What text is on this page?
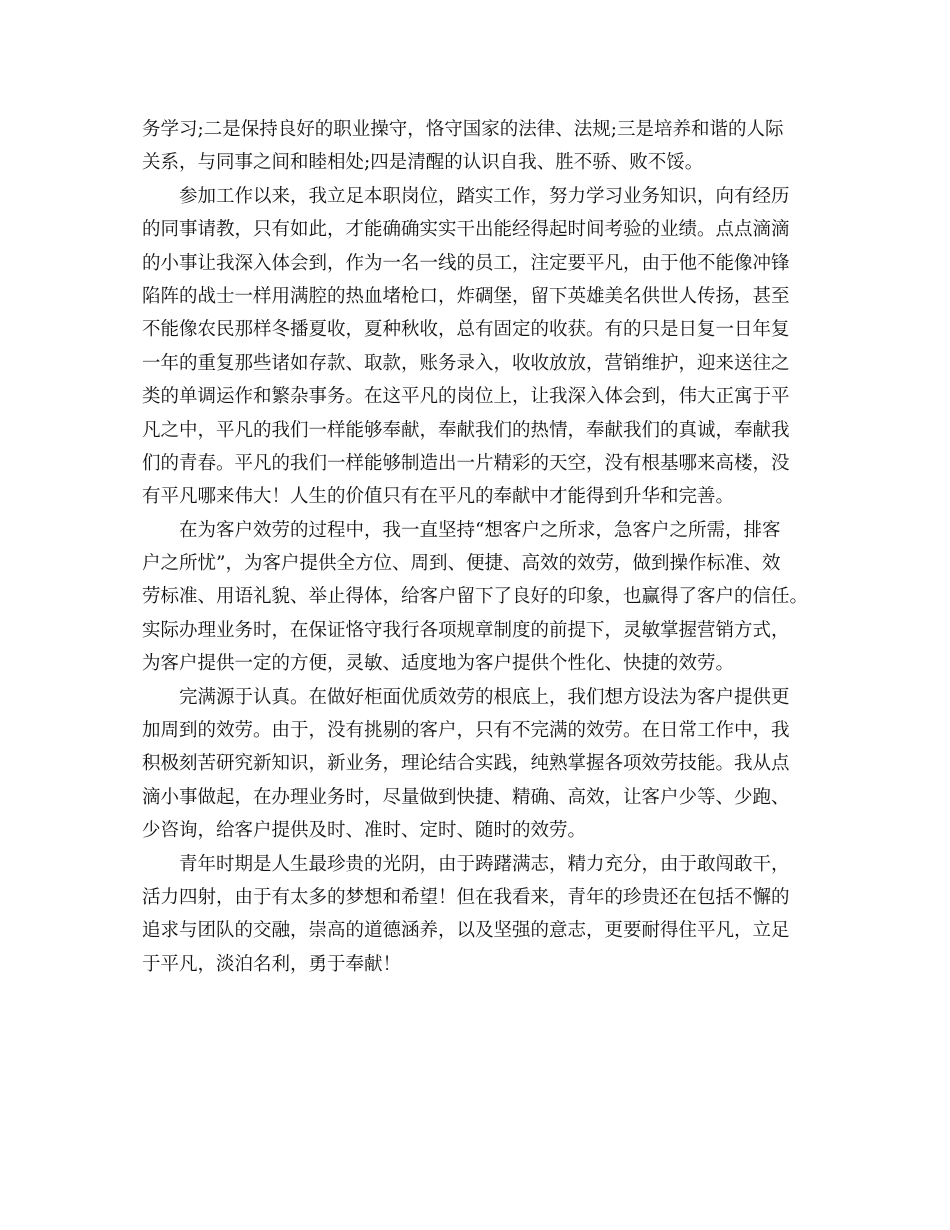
务学习;二是保持良好的职业操守，恪守国家的法律、法规;三是培养和谐的人际
关系，与同事之间和睦相处;四是清醒的认识自我、胜不骄、败不馁。
参加工作以来，我立足本职岗位，踏实工作，努力学习业务知识，向有经历
的同事请教，只有如此，才能确确实实干出能经得起时间考验的业绩。点点滴滴
的小事让我深入体会到，作为一名一线的员工，注定要平凡，由于他不能像冲锋
陷阵的战士一样用满腔的热血堵枪口，炸碉堡，留下英雄美名供世人传扬，甚至
不能像农民那样冬播夏收，夏种秋收，总有固定的收获。有的只是日复一日年复
一年的重复那些诸如存款、取款，账务录入，收收放放，营销维护，迎来送往之
类的单调运作和繁杂事务。在这平凡的岗位上，让我深入体会到，伟大正寓于平
凡之中，平凡的我们一样能够奉献，奉献我们的热情，奉献我们的真诚，奉献我
们的青春。平凡的我们一样能够制造出一片精彩的天空，没有根基哪来高楼，没
有平凡哪来伟大！人生的价值只有在平凡的奉献中才能得到升华和完善。
在为客户效劳的过程中，我一直坚持“想客户之所求，急客户之所需，排客
户之所忧”，为客户提供全方位、周到、便捷、高效的效劳，做到操作标准、效
劳标准、用语礼貌、举止得体，给客户留下了良好的印象，也赢得了客户的信任。
实际办理业务时，在保证恪守我行各项规章制度的前提下，灵敏掌握营销方式，
为客户提供一定的方便，灵敏、适度地为客户提供个性化、快捷的效劳。
完满源于认真。在做好柜面优质效劳的根底上，我们想方设法为客户提供更
加周到的效劳。由于，没有挑剔的客户，只有不完满的效劳。在日常工作中，我
积极刻苦研究新知识，新业务，理论结合实践，纯熟掌握各项效劳技能。我从点
滴小事做起，在办理业务时，尽量做到快捷、精确、高效，让客户少等、少跑、
少咨询，给客户提供及时、准时、定时、随时的效劳。
青年时期是人生最珍贵的光阴，由于踌躇满志，精力充分，由于敢闯敢干，
活力四射，由于有太多的梦想和希望！但在我看来，青年的珍贵还在包括不懈的
追求与团队的交融，崇高的道德涵养，以及坚强的意志，更要耐得住平凡，立足
于平凡，淡泊名利，勇于奉献！
